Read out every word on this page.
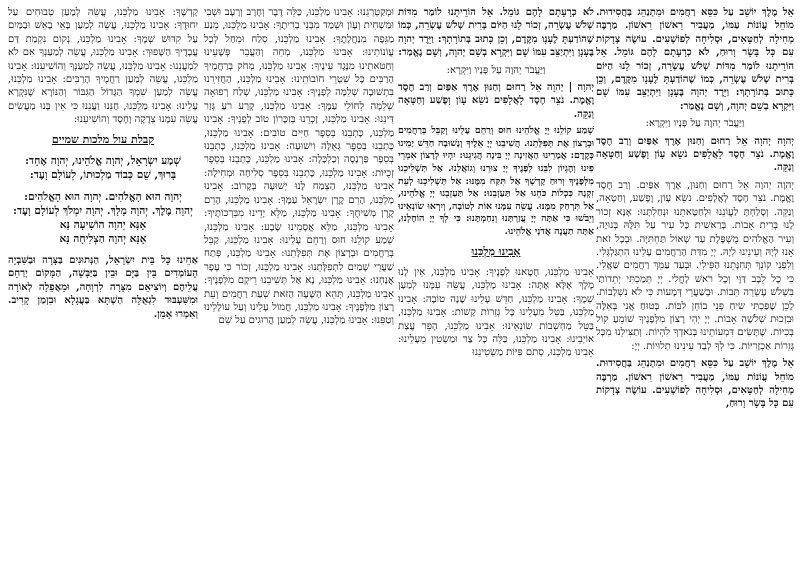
אֵל מֶלֶךְ יוֹשֵׁב עַל כִּסֵּא רַחֲמִים וּמִתְנַהֵג בַּחֲסִידוּת. מוֹחֵל עֲוֹנוֹת עַמּוֹ, מַעֲבִיר רִאשׁוֹן רִאשׁוֹן. מַרְבֶּה מְחִילָה לְחַטָּאִים, וּסְלִיחָה לְפוֹשְׁעִים. עוֹשֶׂה צְדָקוֹת עִם כָּל בָּשָׂר וָרוּחַ, לֹא כְרָעָתָם לָהֶם גּוֹמֵל. אֵל הוֹרֵיתָנוּ לוֹמַר מִדּוֹת שְׁלֹשׁ עֶשְׂרֵה, זְכוֹר לָנוּ הַיּוֹם בְּרִית שְׁלֹשׁ עֶשְׂרֵה, כְּמוֹ שֶׁהוֹדַעְתָּ לֶעָנָו מִקֶּדֶם, וְכֵן כָּתוּב בְּתוֹרָתָךְ: וַיֵּרֶד יְהוָה בֶּעָנָן וַיִּתְיַצֵּב עִמּוֹ שָׁם וַיִּקְרָא בְשֵׁם יְהוָה, וְשָׁם נֶאֱמַר:

וַיַּעֲבֹר יְהוָה עַל פָּנָיו וַיִּקְרָא:

יְהוָה יְהוָה אֵל רַחוּם וְחַנּוּן אֶרֶךְ אַפַּיִם וְרַב חֶסֶד וֶאֱמֶת. נֹצֵר חֶסֶד לָאֲלָפִים נֹשֵׂא עָוֹן וָפֶשַׁע וְחַטָּאָה וְנַקֵּה.

יְהוָה יְהוָה אֵל רַחוּם וְחַנּוּן, אֶרֶךְ אַפַּיִם. וְרַב חֶסֶד וֶאֱמֶת. נֹצֵר חֶסֶד לָאֲלָפִים. נֹשֵׂא עָוֹן, וָפֶשַׁע, וְחַטָּאָה, וְנַקֵּה. וְסָלַחְתָּ לַעֲוֹנֵנוּ וּלְחַטָּאתֵנוּ וּנְחַלְתָּנוּ: אָנָּא זְכוֹר לָנוּ בְּרִית אָבוֹת. בְּרַאשִׁית כָּל עִיר עַל תִּלָּהּ בְּנוּיָה, וְעִיר הָאֱלֹהִים מֻשְׁפֶּלֶת עַד שְׁאוֹל תַּחְתִּיָּה. וּבְכָל זֹאת אָנוּ לְיָהּ וְעֵינֵינוּ לְיָהּ. יְיָ מִדַּת הָרַחֲמִים עָלֵינוּ הִתְגַּלְגְּלִי. וְלִפְנֵי קוֹנֵךְ תְּחִנָּתֵנוּ הַפִּילִי. וּבְעַד עַמֵּךְ רַחֲמִים שַׁאֲלִי. כִּי כָל לֵבָב דַּוָּי וְכָל רֹאשׁ לָחֳלִי. יְיָ תְּמַכְתִּי יְתֵדוֹתַי בִּשְׁלֹשׁ עֶשְׂרֵה תֵּבוֹת. וּבְשַׁעֲרֵי דְּמָעוֹת כִּי לֹא נִשְׁלָבוֹת. לָכֵן שָׁפַכְתִּי שִׂיחַ פְּנֵי בוֹחֵן לִבּוֹת. בָּטוּחַ אֲנִי בְּאֵלֶּה וּבִזְכוּת שְׁלֹשָׁה אָבוֹת. יְיָ יְהִי רָצוֹן מִלְּפָנֶיךָ שׁוֹמֵעַ קוֹל בְּכִיּוֹת. שֶׁתָּשִׂים דִּמְעוֹתֵינוּ בְּנֹאדְךָ לִהְיוֹת. וְתַצִּילֵנוּ מִכָּל גְּזֵרוֹת אַכְזָרִיּוֹת. כִּי לְךָ לְבַד עֵינֵינוּ תְלוּיוֹת. יְיָ:

אֵל מֶלֶךְ יוֹשֵׁב עַל כִּסֵּא רַחֲמִים וּמִתְנַהֵג בַּחֲסִידוּת. מוֹחֵל עֲוֹנוֹת עַמּוֹ, מַעֲבִיר רִאשׁוֹן רִאשׁוֹן. מַרְבֶּה מְחִילָה לְחַטָּאִים, וּסְלִיחָה לְפוֹשְׁעִים. עוֹשֶׂה צְדָקוֹת עִם כָּל בָּשָׂר וָרוּחַ,

לֹא כְרָעָתָם לָהֶם גּוֹמֵל. אֵל הוֹרֵיתָנוּ לוֹמַר מִדּוֹת שְׁלֹשׁ עֶשְׂרֵה, זְכוֹר לָנוּ הַיּוֹם בְּרִית שְׁלֹשׁ עֶשְׂרֵה, כְּמוֹ שֶׁהוֹדַעְתָּ לֶעָנָו מִקֶּדֶם, וְכֵן כָּתוּב בְּתוֹרָתָךְ: וַיֵּרֶד יְהוָה בֶּעָנָן וַיִּתְיַצֵּב עִמּוֹ שָׁם וַיִּקְרָא בְשֵׁם יְהוָה, וְשָׁם נֶאֱמַר:

וַיַּעֲבֹר יְהוָה עַל פָּנָיו וַיִּקְרָא:

יְהוָה | יְהוָה אֵל רַחוּם וְחַנּוּן אֶרֶךְ אַפַּיִם וְרַב חֶסֶד וֶאֱמֶת. נֹצֵר חֶסֶד לָאֲלָפִים נֹשֵׂא עָוֹן וָפֶשַׁע וְחַטָּאָה וְנַקֵּה.

שְׁמַע קוֹלֵנוּ יְיָ אֱלֹהֵינוּ חוּס וְרַחֵם עָלֵינוּ וְקַבֵּל בְּרַחֲמִים וּבְרָצוֹן אֶת תְּפִלָּתֵנוּ. הֲשִׁיבֵנוּ יְיָ אֵלֶיךָ וְנָשׁוּבָה חַדֵּשׁ יָמֵינוּ כְּקֶדֶם: אֲמָרֵינוּ הַאֲזִינָה יְיָ בִּינָה הֲגִיגֵנוּ: יִהְיוּ לְרָצוֹן אִמְרֵי פִינוּ וְהֶגְיוֹן לִבֵּנוּ לְפָנֶיךָ יְיָ צוּרֵנוּ וְגוֹאֲלֵנוּ. אַל תַּשְׁלִיכֵנוּ מִלְּפָנֶיךָ וְרוּחַ קָדְשְׁךָ אַל תִּקַּח מִמֶּנּוּ: אַל תַּשְׁלִיכֵנוּ לְעֵת זִקְנָה כִּכְלוֹת כֹּחֵנוּ אַל תַּעַזְבֵנוּ: אַל תַּעַזְבֵנוּ יְיָ אֱלֹהֵינוּ, אַל תִּרְחַק מִמֶּנּוּ. עֲשֵׂה עִמָּנוּ אוֹת לְטוֹבָה, וְיִרְאוּ שׂוֹנְאֵינוּ וְיֵבֹשׁוּ כִּי אַתָּה יְיָ עֲזַרְתָּנוּ וְנִחַמְתָּנוּ: כִּי לְךָ יְיָ הוֹחָלְנוּ, אַתָּה תַעֲנֶה אֲדֹנָי אֱלֹהֵינוּ.

אָבִינוּ מַלְכֵּנוּ

אָבִינוּ מַלְכֵּנוּ, חָטָאנוּ לְפָנֶיךָ: אָבִינוּ מַלְכֵּנוּ, אֵין לָנוּ מֶלֶךְ אֶלָּא אָתָּה: אָבִינוּ מַלְכֵּנוּ, עֲשֵׂה עִמָּנוּ לְמַעַן שְׁמֶךָ: אָבִינוּ מַלְכֵּנוּ, חַדֵּשׁ עָלֵינוּ שָׁנָה טוֹבָה: אָבִינוּ מַלְכֵּנוּ, בַּטֵּל מֵעָלֵינוּ כָּל גְּזֵרוֹת קָשׁוֹת: אָבִינוּ מַלְכֵּנוּ, בַּטֵּל מַחְשְׁבוֹת שׂוֹנְאֵינוּ: אָבִינוּ מַלְכֵּנוּ, הָפֵר עֲצַת אוֹיְבֵינוּ: אָבִינוּ מַלְכֵּנוּ, כַּלֵּה כָּל צַר וּמַשְׂטִין מֵעָלֵינוּ: אָבִינוּ מַלְכֵּנוּ, סְתֹם פִּיּוֹת מַשְׂטִינֵנוּ

וּמְקַטְרְגֵנוּ: אָבִינוּ מַלְכֵּנוּ, כַּלֵּה דֶּבֶר וְחֶרֶב וְרָעָב וּשְׁבִי וּמַשְׁחִית וְעָוֹן וּשְׁמַד מִבְּנֵי בְרִיתֶךָ: אָבִינוּ מַלְכֵּנוּ, מְנַע מַגֵּפָה מִנַּחֲלָתֶךָ: אָבִינוּ מַלְכֵּנוּ, סְלַח וּמְחַל לְכָל עֲוֹנוֹתֵינוּ: אָבִינוּ מַלְכֵּנוּ, מְחֵה וְהַעֲבֵר פְּשָׁעֵינוּ וְחַטֹּאתֵינוּ מִנֶּגֶד עֵינֶיךָ: אָבִינוּ מַלְכֵּנוּ, מְחֹק בְּרַחֲמֶיךָ הָרַבִּים כָּל שִׁטְרֵי חוֹבוֹתֵינוּ: אָבִינוּ מַלְכֵּנוּ, הַחֲזִירֵנוּ בִּתְשׁוּבָה שְׁלֵמָה לְפָנֶיךָ: אָבִינוּ מַלְכֵּנוּ, שְׁלַח רְפוּאָה שְׁלֵמָה לְחוֹלֵי עַמֶּךָ: אָבִינוּ מַלְכֵּנוּ, קְרַע רֹעַ גְּזַר דִּינֵנוּ: אָבִינוּ מַלְכֵּנוּ, זָכְרֵנוּ בְּזִכָּרוֹן טוֹב לְפָנֶיךָ: אָבִינוּ מַלְכֵּנוּ, כָּתְבֵנוּ בְּסֵפֶר חַיִּים טוֹבִים: אָבִינוּ מַלְכֵּנוּ, כָּתְבֵנוּ בְּסֵפֶר גְּאֻלָּה וִישׁוּעָה: אָבִינוּ מַלְכֵּנוּ, כָּתְבֵנוּ בְּסֵפֶר פַּרְנָסָה וְכַלְכָּלָה: אָבִינוּ מַלְכֵּנוּ, כָּתְבֵנוּ בְּסֵפֶר זְכֻיּוֹת: אָבִינוּ מַלְכֵּנוּ, כָּתְבֵנוּ בְּסֵפֶר סְלִיחָה וּמְחִילָה: אָבִינוּ מַלְכֵּנוּ, הַצְמַח לָנוּ יְשׁוּעָה בְּקָרוֹב: אָבִינוּ מַלְכֵּנוּ, הָרֵם קֶרֶן יִשְׂרָאֵל עַמֶּךָ: אָבִינוּ מַלְכֵּנוּ, הָרֵם קֶרֶן מְשִׁיחֶךָ: אָבִינוּ מַלְכֵּנוּ, מַלֵּא יָדֵינוּ מִבִּרְכוֹתֶיךָ: אָבִינוּ מַלְכֵּנוּ, מַלֵּא אֲסָמֵינוּ שָׂבָע: אָבִינוּ מַלְכֵּנוּ, שְׁמַע קוֹלֵנוּ חוּס וְרַחֵם עָלֵינוּ: אָבִינוּ מַלְכֵּנוּ, קַבֵּל בְּרַחֲמִים וּבְרָצוֹן אֶת תְּפִלָּתֵנוּ: אָבִינוּ מַלְכֵּנוּ, פְּתַח שַׁעֲרֵי שָׁמַיִם לִתְפִלָּתֵנוּ: אָבִינוּ מַלְכֵּנוּ, זְכוֹר כִּי עָפָר אֲנָחְנוּ: אָבִינוּ מַלְכֵּנוּ, נָא אַל תְּשִׁיבֵנוּ רֵיקָם מִלְּפָנֶיךָ: אָבִינוּ מַלְכֵּנוּ, תְּהֵא הַשָּׁעָה הַזֹּאת שְׁעַת רַחֲמִים וְעֵת רָצוֹן מִלְּפָנֶיךָ: אָבִינוּ מַלְכֵּנוּ, חֲמוֹל עָלֵינוּ וְעַל עוֹלָלֵינוּ וְטַפֵּנוּ: אָבִינוּ מַלְכֵּנוּ, עֲשֵׂה לְמַעַן הֲרוּגִים עַל שֵׁם

קָדְשֶׁךָ: אָבִינוּ מַלְכֵּנוּ, עֲשֵׂה לְמַעַן טְבוּחִים עַל יִחוּדֶךָ: אָבִינוּ מַלְכֵּנוּ, עֲשֵׂה לְמַעַן בָּאֵי בָאֵשׁ וּבַמַּיִם עַל קִדּוּשׁ שְׁמֶךָ: אָבִינוּ מַלְכֵּנוּ, נְקוֹם נִקְמַת דַּם עֲבָדֶיךָ הַשָּׁפוּךְ: אָבִינוּ מַלְכֵּנוּ, עֲשֵׂה לְמַעַנְךָ אִם לֹא לְמַעֲנֵנוּ: אָבִינוּ מַלְכֵּנוּ, עֲשֵׂה לְמַעַנְךָ וְהוֹשִׁיעֵנוּ: אָבִינוּ מַלְכֵּנוּ, עֲשֵׂה לְמַעַן רַחֲמֶיךָ הָרַבִּים: אָבִינוּ מַלְכֵּנוּ, עֲשֵׂה לְמַעַן שִׁמְךָ הַגָּדוֹל הַגִּבּוֹר וְהַנּוֹרָא שֶׁנִּקְרָא עָלֵינוּ: אָבִינוּ מַלְכֵּנוּ, חָנֵּנוּ וַעֲנֵנוּ כִּי אֵין בָּנוּ מַעֲשִׂים עֲשֵׂה עִמָּנוּ צְדָקָה וָחֶסֶד וְהוֹשִׁיעֵנוּ:

קבלת עול מלכות שמיים
שְׁמַע יִשְׂרָאֵל, יְהוָה אֱלֹהֵינוּ, יְהוָה אֶחָד:
בָּרוּךְ, שֵׁם כְּבוֹד מַלְכוּתוֹ, לְעוֹלָם וָעֶד:
יְהוָה הוּא הָאֱלֹהִים. יְהוָה הוּא הָאֱלֹהִים:
יְהוָה מֶלֶךְ. יְהוָה מָלָךְ. יְהוָה יִמְלֹךְ לְעוֹלָם וָעֶד:
אָנָּא יְהוָה הוֹשִׁיעָה נָּא
אָנָּא יְהוָה הַצְלִיחָה נָּא

אַחֵינוּ כָּל בֵּית יִשְׂרָאֵל, הַנְּתוּנִים בַּצָּרָה וּבַשִּׁבְיָה הָעוֹמְדִים בֵּין בַּיָּם וּבֵין בַּיַּבָּשָׁה, הַמָּקוֹם יְרַחֵם עֲלֵיהֶם וְיוֹצִיאֵם מִצָּרָה לִרְוָחָה, וּמֵאֲפֵלָה לְאוֹרָה וּמִשִּׁעְבּוּד לִגְאֻלָּה הַשְׁתָּא בַּעֲגָלָא וּבִזְמַן קָרִיב. וְאִמְרוּ אָמֵן.
